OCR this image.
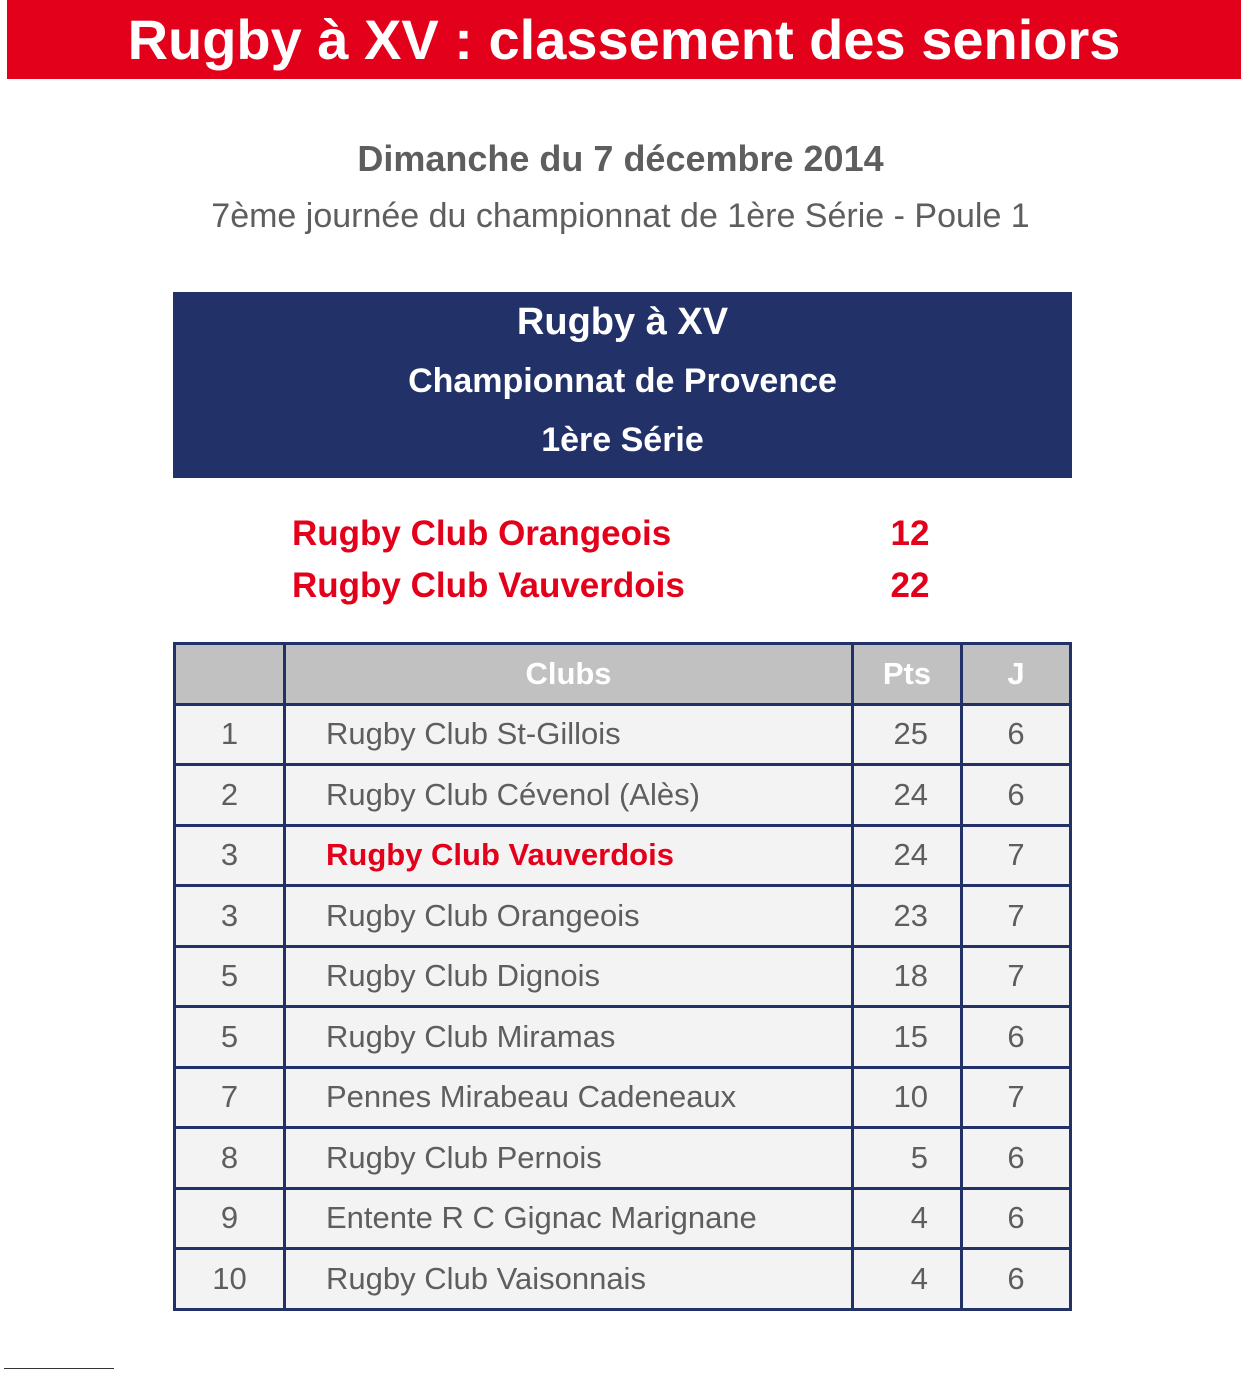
Rugby à XV : classement des seniors
Dimanche du 7 décembre 2014
7ème journée du championnat de 1ère Série - Poule 1
Rugby à XV
Championnat de Provence
1ère Série
Rugby Club Orangeois	12
Rugby Club Vauverdois	22
	Clubs	Pts	J
1	Rugby Club St-Gillois	25	6
2	Rugby Club Cévenol (Alès)	24	6
3	Rugby Club Vauverdois	24	7
3	Rugby Club Orangeois	23	7
5	Rugby Club Dignois	18	7
5	Rugby Club Miramas	15	6
7	Pennes Mirabeau Cadeneaux	10	7
8	Rugby Club Pernois	5	6
9	Entente R C Gignac Marignane	4	6
10	Rugby Club Vaisonnais	4	6
